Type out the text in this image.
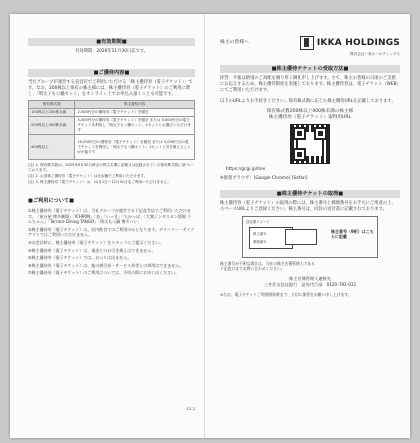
■有効期間■
有効期間：2026年11月30日迄です。
■ご優待内容■
当社グループが運営する直営店でご利用いただける「株主優待券（電子チケット）」です。なお、200株以上保有の株主様には、株主優待券（電子チケット）のご利用に際し、「明太子もつ鍋セット」をオンライン上でお申込み頂くことも可能です。
保有株式数	株主優待内容
100株以上200株未満	2,500円分の優待券（電子チケット）を贈呈
200株以上400株未満	5,000円分の優待券（電子チケット）を贈呈 または 5,000円分の電子チケットを利用し「明太子もつ鍋セット」1セットとお選びいただけます
400株以上	10,000円分の優待券（電子チケット）を贈呈 または 5,000円分の電子チケットを利用し「明太子もつ鍋セット」1セットと引き換えることが可能です
(注) 1. 保有株式数は、2025年9月30日時点の株主名簿に記載又は記録されている保有株式数に基づいております。
(注) 2. お食事ご優待券（電子チケット）は全店舗でご利用いただけます。
(注) 3. 株主優待券（電子チケット）は、12月1日～12月31日迄ご利用いただけません。
■ご利用について■
①株主優待券（電子チケット）は、当社グループが運営する下記直営店でご利用いただけます。「屋台屋 博多劇場」「ICHIRIN」「炎」「いっき」「ちかっぱ」「大衆ジンギスカン酒場 ラムちゃん」「Terrace Dining TANGO」「明太もつ鍋 博多ハレ」
②株主優待券（電子チケット）は、店内飲食でのご利用のみとなります。デリバリー・テイクアウトではご利用いただけません。
③お会計時に、株主優待券（電子チケット）をスタッフにご提示ください。
④株主優待券（電子チケット）は、現金とのお引き換えはできません。
⑤株主優待券（電子チケット）では、おつりは出ません。
⑥株主優待券（電子チケット）は、他の割引券・サービス券等との併用はできません。
⑦株主優待券（電子チケット）のご利用については、予約の際にお申し出ください。
12.2
株主の皆様へ	IKKA HOLDINGS
株式会社一家ホールディングス
■株主優待チケットの受取方法■
拝啓　平素は格別のご高配を賜り厚く御礼申し上げます。さて、株主の皆様の日頃のご支援にお応えするため、株主優待制度を実施しております。株主優待券は、電子チケット（WEB）にてご利用いただけます。
以下のURLよりお手続きください。保有株式数に応じた株主優待URLを記載しております。
保有株式数200株以上400株未満の株主様
株主優待券（電子チケット）取得用URL
https://gcgi.jp/itex
※推奨ブラウザ：[Google Chrome] [Safari]
■株主優待チケットの取得■
株主優待券（電子チケット）の取得の際には、株主番号と郵便番号をお手元にご用意の上、スペースURLよりご登録ください。株主番号は、同封の送付書に記載されております。
送付書イメージ
株主番号
郵便番号
株主番号（9桁）はこちらに記載
株主番号が不明な場合は、当社の株主名簿管理人である
下記窓口までお問い合わせください。
株主名簿管理人連絡先
三井住友信託銀行　証券代行部　0120-782-031
※なお、電子チケットご利用開始時まで、大切に保管をお願い申し上げます。
